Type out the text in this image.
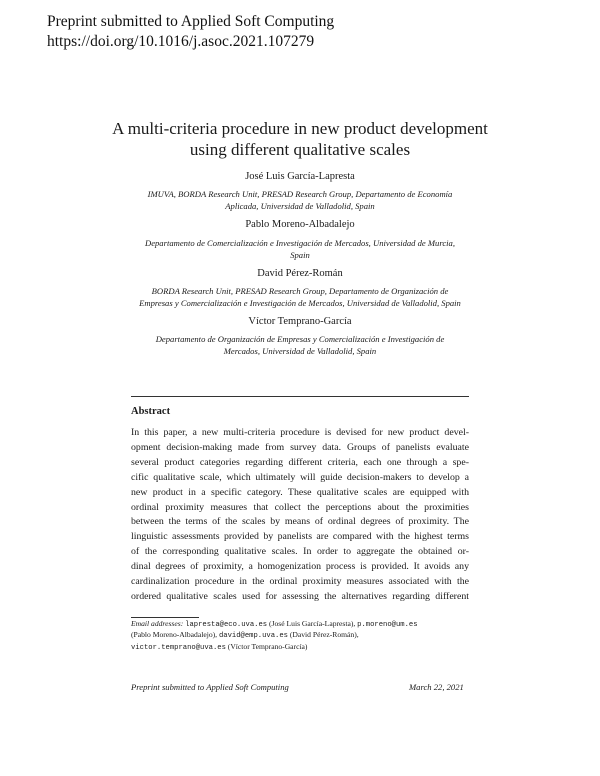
Preprint submitted to Applied Soft Computing
https://doi.org/10.1016/j.asoc.2021.107279
A multi-criteria procedure in new product development
using different qualitative scales
José Luis García-Lapresta
IMUVA, BORDA Research Unit, PRESAD Research Group, Departamento de Economía
Aplicada, Universidad de Valladolid, Spain
Pablo Moreno-Albadalejo
Departamento de Comercialización e Investigación de Mercados, Universidad de Murcia,
Spain
David Pérez-Román
BORDA Research Unit, PRESAD Research Group, Departamento de Organización de
Empresas y Comercialización e Investigación de Mercados, Universidad de Valladolid, Spain
Víctor Temprano-García
Departamento de Organización de Empresas y Comercialización e Investigación de
Mercados, Universidad de Valladolid, Spain
Abstract
In this paper, a new multi-criteria procedure is devised for new product devel-
opment decision-making made from survey data. Groups of panelists evaluate
several product categories regarding different criteria, each one through a spe-
cific qualitative scale, which ultimately will guide decision-makers to develop a
new product in a specific category. These qualitative scales are equipped with
ordinal proximity measures that collect the perceptions about the proximities
between the terms of the scales by means of ordinal degrees of proximity. The
linguistic assessments provided by panelists are compared with the highest terms
of the corresponding qualitative scales. In order to aggregate the obtained or-
dinal degrees of proximity, a homogenization process is provided. It avoids any
cardinalization procedure in the ordinal proximity measures associated with the
ordered qualitative scales used for assessing the alternatives regarding different
Email addresses: lapresta@eco.uva.es (José Luis García-Lapresta), p.moreno@um.es
(Pablo Moreno-Albadalejo), david@emp.uva.es (David Pérez-Román),
victor.temprano@uva.es (Víctor Temprano-García)
Preprint submitted to Applied Soft Computing	March 22, 2021
